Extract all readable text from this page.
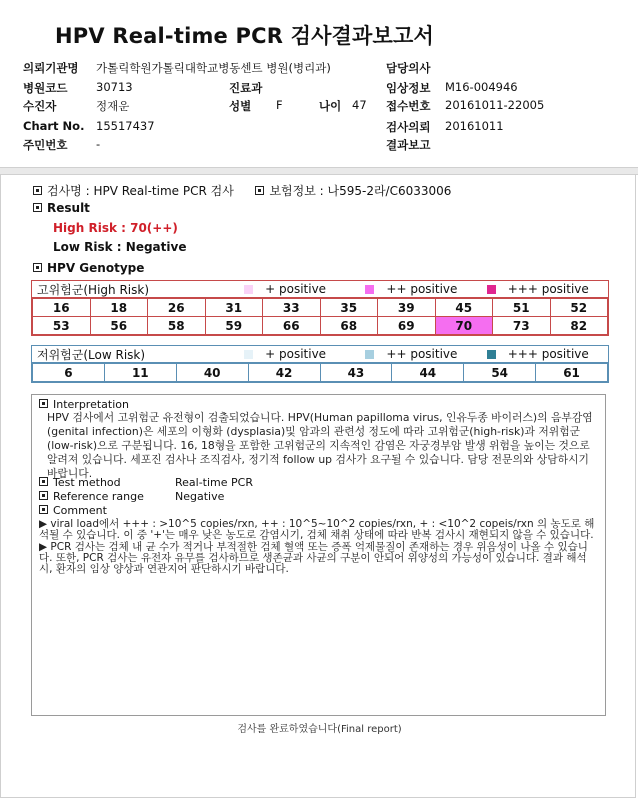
HPV Real-time PCR 검사결과보고서
의뢰기관명 가톨릭학원가톨릭대학교병동센트 병원(병리과)	담당의사
병원코드 30713	진료과	임상정보 M16-004946
수진자	정재운	성별 F	나이 47 접수번호 20161011-22005
Chart No. 15517437	검사의뢰 20161011
주민번호 -	결과보고
검사명 : HPV Real-time PCR 검사	보험정보 : 나595-2라/C6033006
Result
High Risk : 70(++)
Low Risk : Negative
HPV Genotype
고위험군(High Risk)	+ positive	++ positive	+++ positive
16	18	26	31	33	35	39	45	51	52
53	56	58	59	66	68	69	70	73	82
저위험군(Low Risk)	+ positive	++ positive	+++ positive
6	11	40	42	43	44	54	61
Interpretation
HPV 검사에서 고위험군 유전형이 검출되었습니다. HPV(Human papilloma virus, 인유두종 바이러스)의 음부감염(genital infection)은 세포의 이형화 (dysplasia)및 암과의 관련성 정도에 따라 고위험군(high-risk)과 저위험군(low-risk)으로 구분됩니다. 16, 18형을 포함한 고위험군의 지속적인 감염은 자궁경부암 발생 위험을 높이는 것으로 알려져 있습니다. 세포진 검사나 조직검사, 정기적 follow up 검사가 요구될 수 있습니다. 담당 전문의와 상담하시기 바랍니다.
Test method	Real-time PCR
Reference range	Negative
Comment
▶ viral load에서 +++ : >10^5 copies/rxn, ++ : 10^5~10^2 copies/rxn, + : <10^2 copeis/rxn 의 농도로 해석될 수 있습니다. 이 중 '+'는 매우 낮은 농도로 감염시기, 검체 채취 상태에 따라 반복 검사시 재현되지 않을 수 있습니다.
▶ PCR 검사는 검체 내 균 수가 적거나 부적절한 검체 혈액 또는 증폭 억제물질이 존재하는 경우 위음성이 나올 수 있습니다. 또한, PCR 검사는 유전자 유무를 검사하므로 생존균과 사균의 구분이 안되어 위양성의 가능성이 있습니다. 결과 해석 시, 환자의 임상 양상과 연관지어 판단하시기 바랍니다.
검사를 완료하였습니다(Final report)
